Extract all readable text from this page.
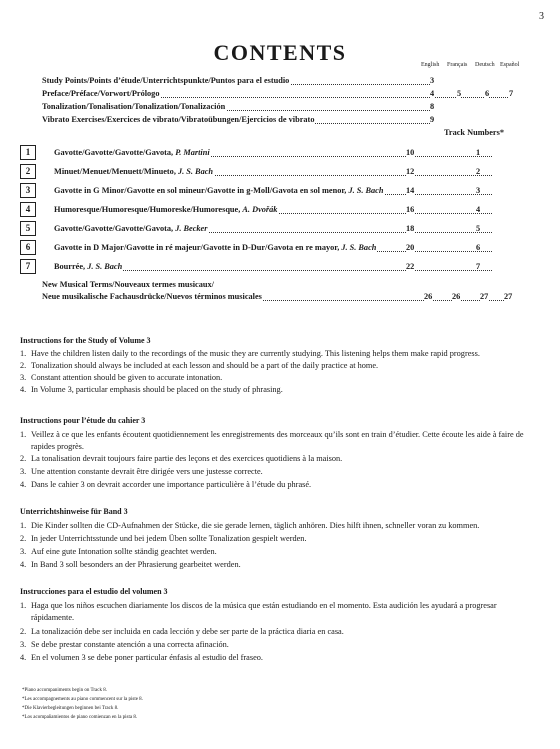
3
CONTENTS	English Français Deutsch Español
Study Points/Points d’étude/Unterrichtspunkte/Puntos para el estudio	3
Preface/Préface/Vorwort/Prólogo	4	5	6 7
Tonalization/Tonalisation/Tonalization/Tonalización	8
Vibrato Exercises/Exercices de vibrato/Vibratoübungen/Ejercicios de vibrato	9
Track Numbers*
1	Gavotte/Gavotte/Gavotte/Gavota, P. Martini	10	1
2	Minuet/Menuet/Menuett/Minueto, J. S. Bach	12	2
3	Gavotte in G Minor/Gavotte en sol mineur/Gavotte in g-Moll/Gavota en sol menor, J. S. Bach	14	3
4	Humoresque/Humoresque/Humoreske/Humoresque, A. Dvořák	16	4
5	Gavotte/Gavotte/Gavotte/Gavota, J. Becker	18	5
6	Gavotte in D Major/Gavotte in ré majeur/Gavotte in D-Dur/Gavota en re mayor, J. S. Bach	20	6
7	Bourrée, J. S. Bach	22	7
New Musical Terms/Nouveaux termes musicaux/
Neue musikalische Fachausdrücke/Nuevos términos musicales	26 26 27 27
Instructions for the Study of Volume 3
1. Have the children listen daily to the recordings of the music they are currently studying. This listening helps them make rapid progress.
2. Tonalization should always be included at each lesson and should be a part of the daily practice at home.
3. Constant attention should be given to accurate intonation.
4. In Volume 3, particular emphasis should be placed on the study of phrasing.
Instructions pour l’étude du cahier 3
1. Veillez à ce que les enfants écoutent quotidiennement les enregistrements des morceaux qu’ils sont en train d’étudier. Cette écoute les aide à faire de rapides progrès.
2. La tonalisation devrait toujours faire partie des leçons et des exercices quotidiens à la maison.
3. Une attention constante devrait être dirigée vers une justesse correcte.
4. Dans le cahier 3 on devrait accorder une importance particulière à l’étude du phrasé.
Unterrichtshinweise für Band 3
1. Die Kinder sollten die CD-Aufnahmen der Stücke, die sie gerade lernen, täglich anhören. Dies hilft ihnen, schneller voran zu kommen.
2. In jeder Unterrichtsstunde und bei jedem Üben sollte Tonalization gespielt werden.
3. Auf eine gute Intonation sollte ständig geachtet werden.
4. In Band 3 soll besonders an der Phrasierung gearbeitet werden.
Instrucciones para el estudio del volumen 3
1. Haga que los niños escuchen diariamente los discos de la música que están estudiando en el momento. Esta audición les ayudará a progresar rápidamente.
2. La tonalización debe ser incluida en cada lección y debe ser parte de la práctica diaria en casa.
3. Se debe prestar constante atención a una correcta afinación.
4. En el volumen 3 se debe poner particular énfasis al estudio del fraseo.
*Piano accompaniments begin on Track 8.
*Les accompagnements au piano commencent sur la piste 8.
*Die Klavierbegleitungen beginnen bei Track 8.
*Los acompañamientos de piano comienzan en la pista 8.
